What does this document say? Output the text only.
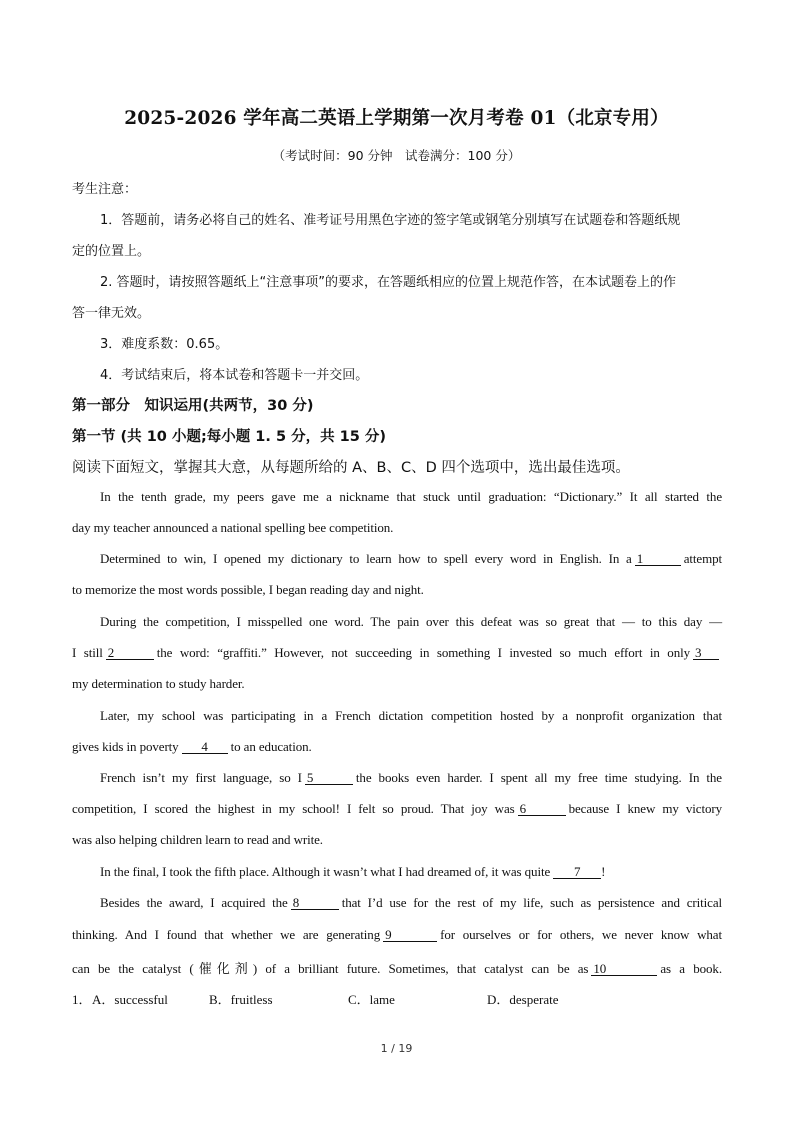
2025-2026 学年高二英语上学期第一次月考卷 01（北京专用）
（考试时间：90 分钟　试卷满分：100 分）
考生注意：
1．答题前，请务必将自己的姓名、准考证号用黑色字迹的签字笔或钢笔分别填写在试题卷和答题纸规
定的位置上。
2. 答题时，请按照答题纸上“注意事项”的要求，在答题纸相应的位置上规范作答，在本试题卷上的作
答一律无效。
3．难度系数：0.65。
4．考试结束后，将本试卷和答题卡一并交回。
第一部分　知识运用(共两节，30 分)
第一节 (共 10 小题;每小题 1. 5 分，共 15 分)
阅读下面短文，掌握其大意，从每题所给的 A、B、C、D 四个选项中，选出最佳选项。
In the tenth grade, my peers gave me a nickname that stuck until graduation: “Dictionary.” It all started the
day my teacher announced a national spelling bee competition.
Determined to win, I opened my dictionary to learn how to spell every word in English. In a 1	attempt
to memorize the most words possible, I began reading day and night.
During the competition, I misspelled one word. The pain over this defeat was so great that — to this day —
I still 2	the word: “graffiti.” However, not succeeding in something I invested so much effort in only 3
my determination to study harder.
Later, my school was participating in a French dictation competition hosted by a nonprofit organization that
gives kids in poverty 4 to an education.
French isn’t my first language, so I 5	the books even harder. I spent all my free time studying. In the
competition, I scored the highest in my school! I felt so proud. That joy was 6	because I knew my victory
was also helping children learn to read and write.
In the final, I took the fifth place. Although it wasn’t what I had dreamed of, it was quite 7 !
Besides the award, I acquired the 8	that I’d use for the rest of my life, such as persistence and critical
thinking. And I found that whether we are generating 9	for ourselves or for others, we never know what
can be the catalyst (催化剂) of a brilliant future. Sometimes, that catalyst can be as 10	as a book.
1． A．successful	B．fruitless	C．lame	D．desperate
1 / 19
